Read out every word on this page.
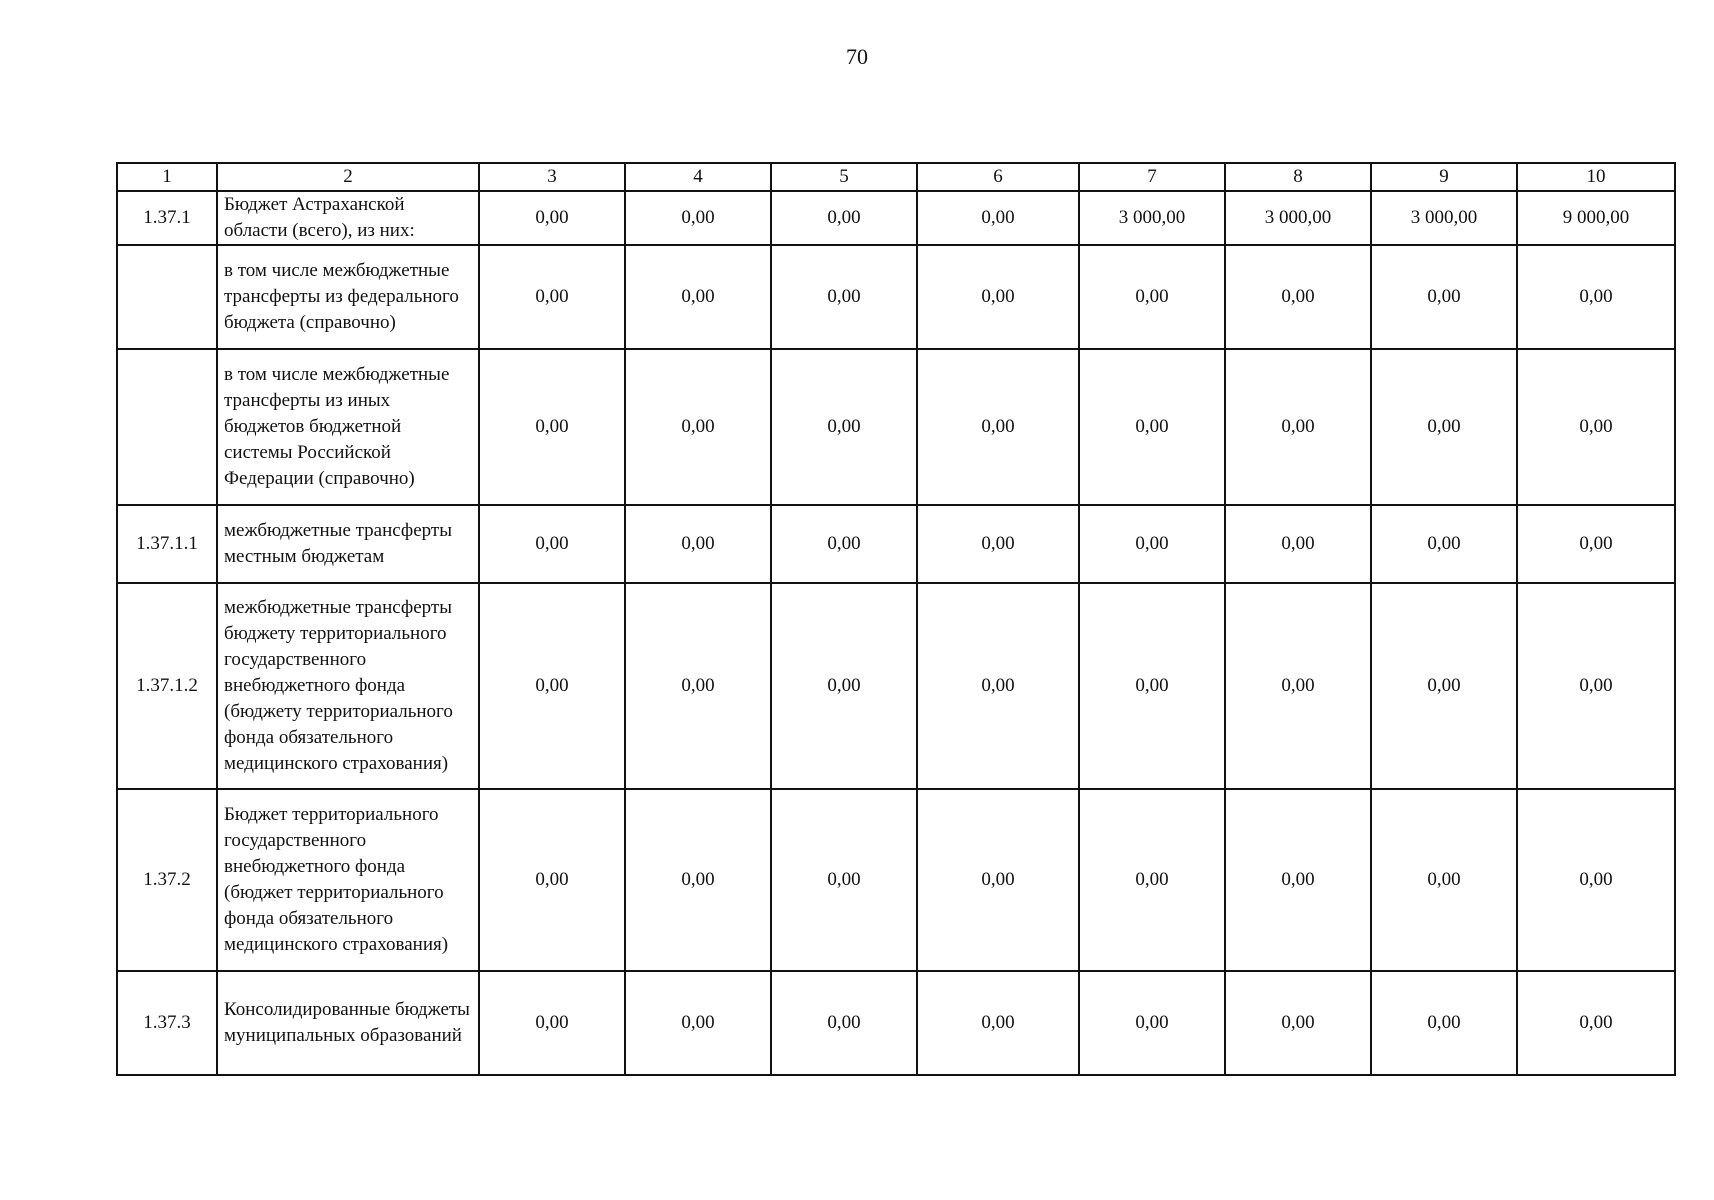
70
1	2	3	4	5	6	7	8	9	10
1.37.1	Бюджет Астраханской области (всего), из них:	0,00	0,00	0,00	0,00	3 000,00	3 000,00	3 000,00	9 000,00
	в том числе межбюджетные трансферты из федерального бюджета (справочно)	0,00	0,00	0,00	0,00	0,00	0,00	0,00	0,00
	в том числе межбюджетные трансферты из иных бюджетов бюджетной системы Российской Федерации (справочно)	0,00	0,00	0,00	0,00	0,00	0,00	0,00	0,00
1.37.1.1	межбюджетные трансферты местным бюджетам	0,00	0,00	0,00	0,00	0,00	0,00	0,00	0,00
1.37.1.2	межбюджетные трансферты бюджету территориального государственного внебюджетного фонда (бюджету территориального фонда обязательного медицинского страхования)	0,00	0,00	0,00	0,00	0,00	0,00	0,00	0,00
1.37.2	Бюджет территориального государственного внебюджетного фонда (бюджет территориального фонда обязательного медицинского страхования)	0,00	0,00	0,00	0,00	0,00	0,00	0,00	0,00
1.37.3	Консолидированные бюджеты муниципальных образований	0,00	0,00	0,00	0,00	0,00	0,00	0,00	0,00
